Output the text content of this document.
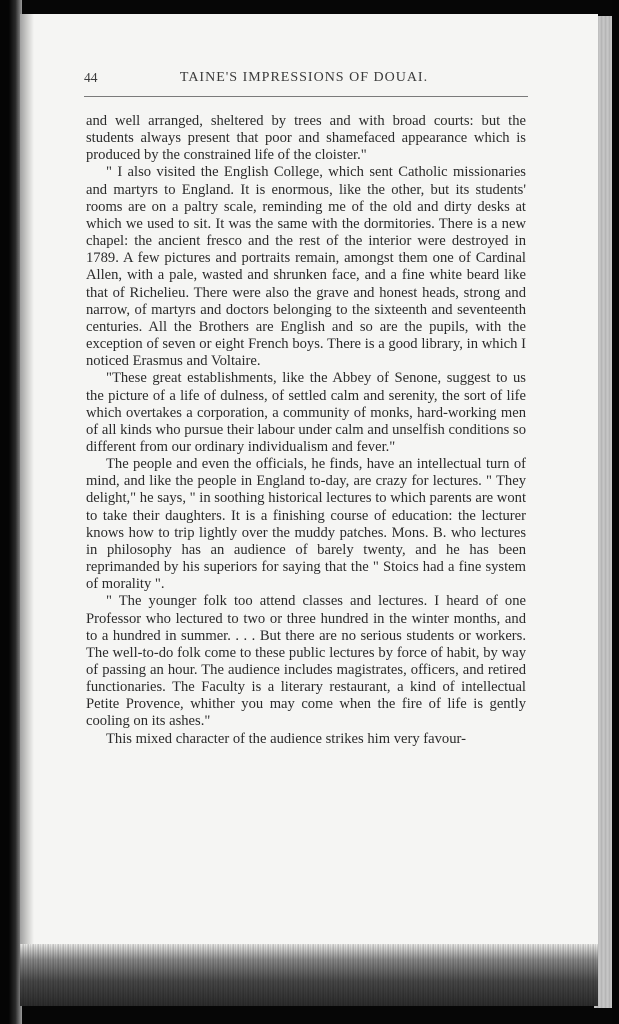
44	TAINE'S IMPRESSIONS OF DOUAI.

and well arranged, sheltered by trees and with broad courts: but the students always present that poor and shamefaced appearance which is produced by the constrained life of the cloister."

" I also visited the English College, which sent Catholic missionaries and martyrs to England. It is enormous, like the other, but its students' rooms are on a paltry scale, reminding me of the old and dirty desks at which we used to sit. It was the same with the dormitories. There is a new chapel: the ancient fresco and the rest of the interior were destroyed in 1789. A few pictures and portraits remain, amongst them one of Cardinal Allen, with a pale, wasted and shrunken face, and a fine white beard like that of Richelieu. There were also the grave and honest heads, strong and narrow, of martyrs and doctors belonging to the sixteenth and seventeenth centuries. All the Brothers are English and so are the pupils, with the exception of seven or eight French boys. There is a good library, in which I noticed Erasmus and Voltaire.

"These great establishments, like the Abbey of Senone, suggest to us the picture of a life of dulness, of settled calm and serenity, the sort of life which overtakes a corporation, a community of monks, hard-working men of all kinds who pursue their labour under calm and unselfish conditions so different from our ordinary individualism and fever."

The people and even the officials, he finds, have an intellectual turn of mind, and like the people in England to-day, are crazy for lectures. " They delight," he says, " in soothing historical lectures to which parents are wont to take their daughters. It is a finishing course of education: the lecturer knows how to trip lightly over the muddy patches. Mons. B. who lectures in philosophy has an audience of barely twenty, and he has been reprimanded by his superiors for saying that the " Stoics had a fine system of morality ".

" The younger folk too attend classes and lectures. I heard of one Professor who lectured to two or three hundred in the winter months, and to a hundred in summer. . . . But there are no serious students or workers. The well-to-do folk come to these public lectures by force of habit, by way of passing an hour. The audience includes magistrates, officers, and retired functionaries. The Faculty is a literary restaurant, a kind of intellectual Petite Provence, whither you may come when the fire of life is gently cooling on its ashes."

This mixed character of the audience strikes him very favour-
